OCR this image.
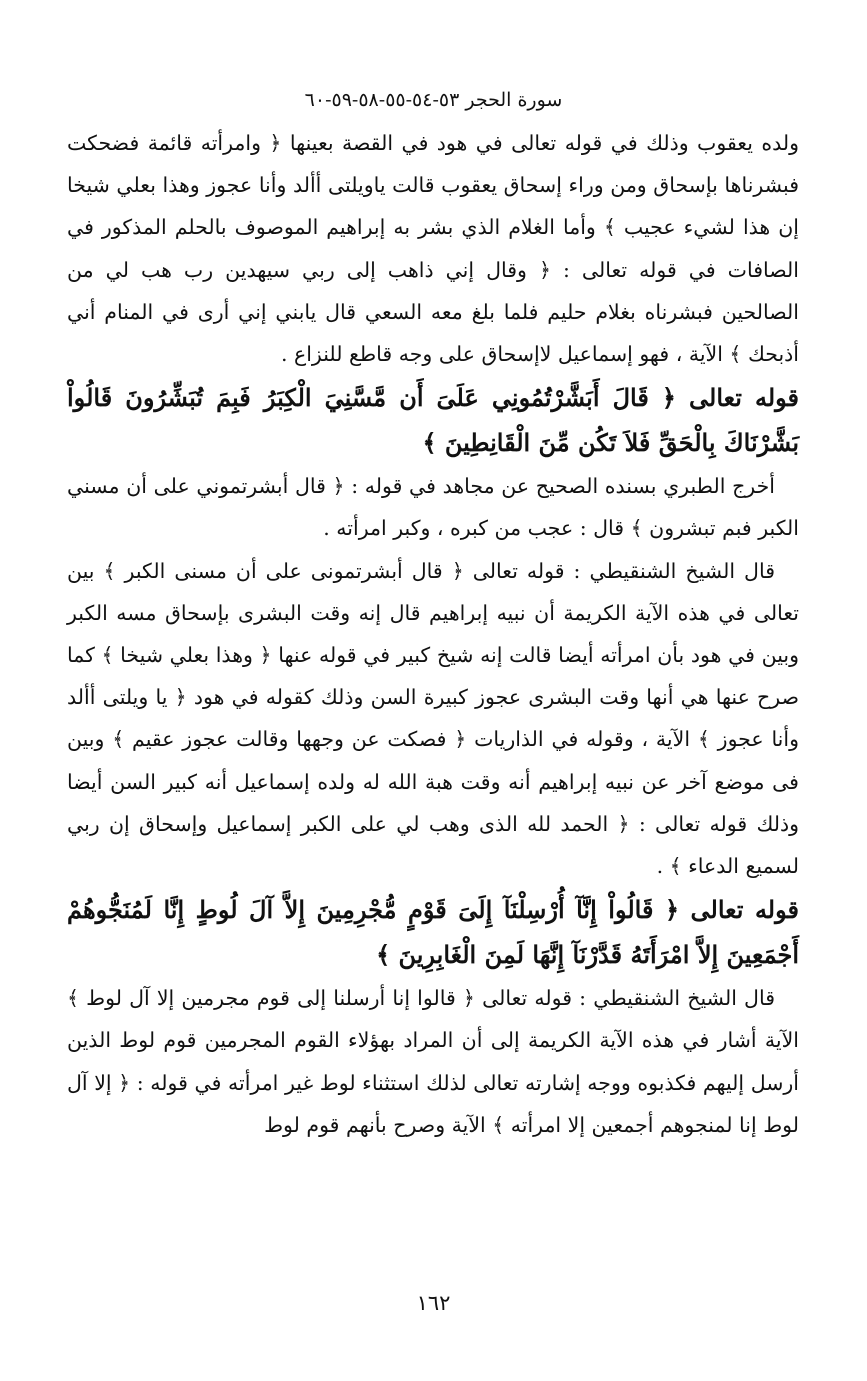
سورة الحجر ٥٣-٥٤-٥٥-٥٨-٥٩-٦٠

ولده يعقوب وذلك في قوله تعالى في هود في القصة بعينها ﴿ وامرأته قائمة فضحكت فبشرناها بإسحاق ومن وراء إسحاق يعقوب قالت ياويلتى أألد وأنا عجوز وهذا بعلي شيخا إن هذا لشيء عجيب ﴾ وأما الغلام الذي بشر به إبراهيم الموصوف بالحلم المذكور في الصافات في قوله تعالى : ﴿ وقال إني ذاهب إلى ربي سيهدين رب هب لي من الصالحين فبشرناه بغلام حليم فلما بلغ معه السعي قال يابني إني أرى في المنام أني أذبحك ﴾ الآية ، فهو إسماعيل لاإسحاق على وجه قاطع للنزاع .

قوله تعالى ﴿ قَالَ أَبَشَّرْتُمُونِي عَلَىَ أَن مَّسَّنِيَ الْكِبَرُ فَبِمَ تُبَشِّرُونَ قَالُواْ بَشَّرْنَاكَ بِالْحَقِّ فَلاَ تَكُن مِّنَ الْقَانِطِينَ ﴾

أخرج الطبري بسنده الصحيح عن مجاهد في قوله : ﴿ قال أبشرتموني على أن مسني الكبر فبم تبشرون ﴾ قال : عجب من كبره ، وكبر امرأته .

قال الشيخ الشنقيطي : قوله تعالى ﴿ قال أبشرتمونى على أن مسنى الكبر ﴾ بين تعالى في هذه الآية الكريمة أن نبيه إبراهيم قال إنه وقت البشرى بإسحاق مسه الكبر وبين في هود بأن امرأته أيضا قالت إنه شيخ كبير في قوله عنها ﴿ وهذا بعلي شيخا ﴾ كما صرح عنها هي أنها وقت البشرى عجوز كبيرة السن وذلك كقوله في هود ﴿ يا ويلتى أألد وأنا عجوز ﴾ الآية ، وقوله في الذاريات ﴿ فصكت عن وجهها وقالت عجوز عقيم ﴾ وبين فى موضع آخر عن نبيه إبراهيم أنه وقت هبة الله له ولده إسماعيل أنه كبير السن أيضا وذلك قوله تعالى : ﴿ الحمد لله الذى وهب لي على الكبر إسماعيل وإسحاق إن ربي لسميع الدعاء ﴾ .

قوله تعالى ﴿ قَالُواْ إِنَّآ أُرْسِلْنَآ إِلَىَ قَوْمٍ مُّجْرِمِينَ إِلاَّ آلَ لُوطٍ إِنَّا لَمُنَجُّوهُمْ أَجْمَعِينَ إِلاَّ امْرَأَتَهُ قَدَّرْنَآ إِنَّهَا لَمِنَ الْغَابِرِينَ ﴾

قال الشيخ الشنقيطي : قوله تعالى ﴿ قالوا إنا أرسلنا إلى قوم مجرمين إلا آل لوط ﴾ الآية أشار في هذه الآية الكريمة إلى أن المراد بهؤلاء القوم المجرمين قوم لوط الذين أرسل إليهم فكذبوه ووجه إشارته تعالى لذلك استثناء لوط غير امرأته في قوله : ﴿ إلا آل لوط إنا لمنجوهم أجمعين إلا امرأته ﴾ الآية وصرح بأنهم قوم لوط

١٦٢
